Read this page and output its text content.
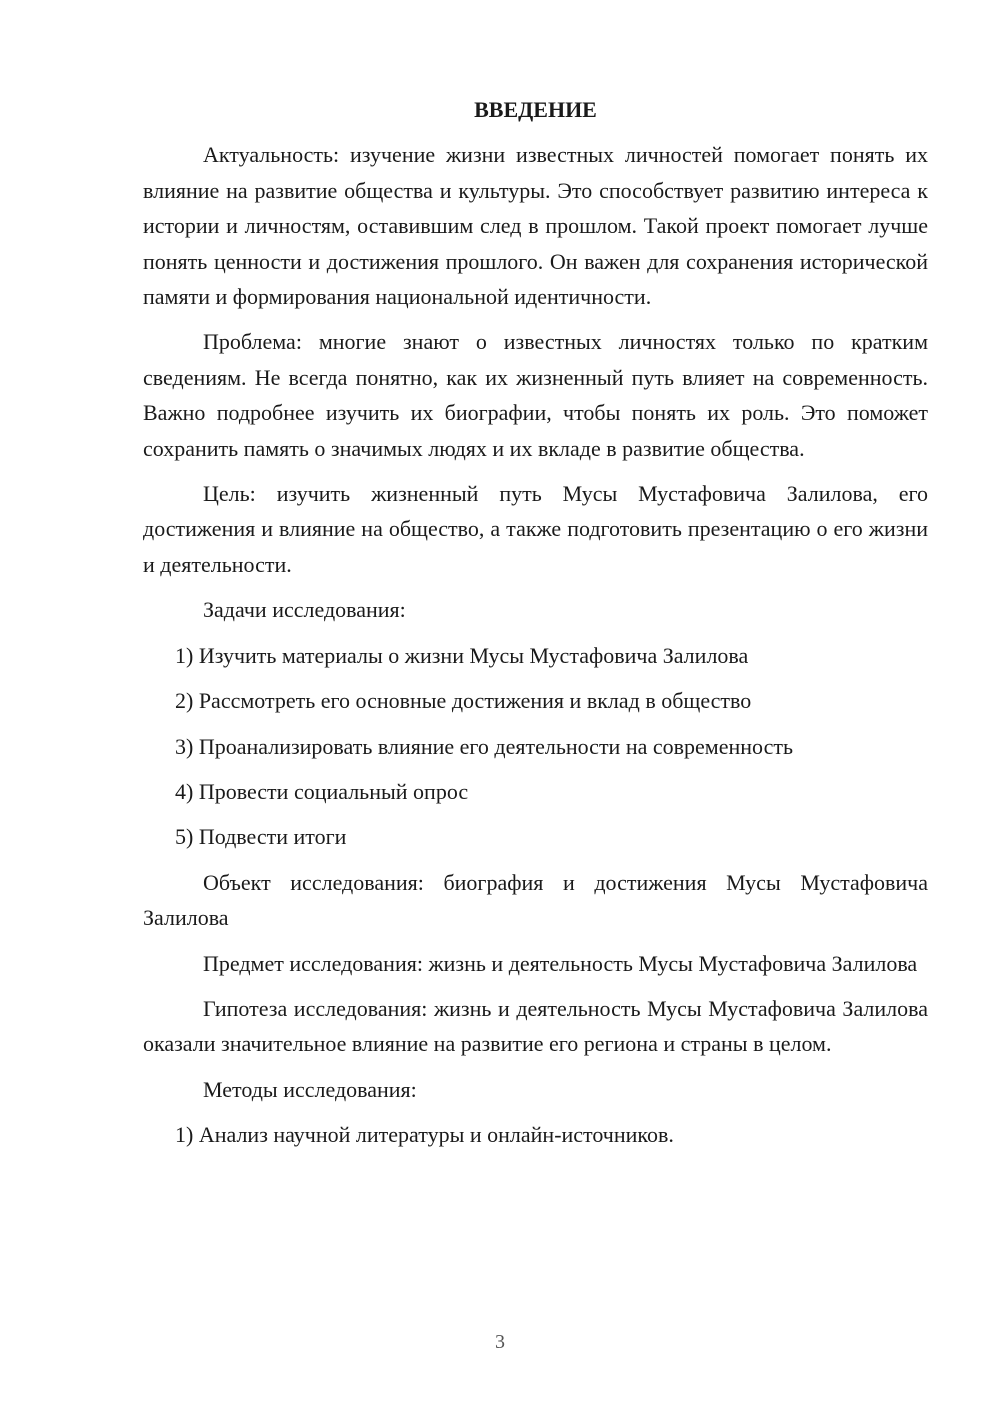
ВВЕДЕНИЕ

Актуальность: изучение жизни известных личностей помогает понять их влияние на развитие общества и культуры. Это способствует развитию интереса к истории и личностям, оставившим след в прошлом. Такой проект помогает лучше понять ценности и достижения прошлого. Он важен для сохранения исторической памяти и формирования национальной идентичности.

Проблема: многие знают о известных личностях только по кратким сведениям. Не всегда понятно, как их жизненный путь влияет на современность. Важно подробнее изучить их биографии, чтобы понять их роль. Это поможет сохранить память о значимых людях и их вкладе в развитие общества.

Цель: изучить жизненный путь Мусы Мустафовича Залилова, его достижения и влияние на общество, а также подготовить презентацию о его жизни и деятельности.

Задачи исследования:

1) Изучить материалы о жизни Мусы Мустафовича Залилова
2) Рассмотреть его основные достижения и вклад в общество
3) Проанализировать влияние его деятельности на современность
4) Провести социальный опрос
5) Подвести итоги

Объект исследования: биография и достижения Мусы Мустафовича Залилова

Предмет исследования: жизнь и деятельность Мусы Мустафовича Залилова

Гипотеза исследования: жизнь и деятельность Мусы Мустафовича Залилова оказали значительное влияние на развитие его региона и страны в целом.

Методы исследования:

1) Анализ научной литературы и онлайн-источников.
3
